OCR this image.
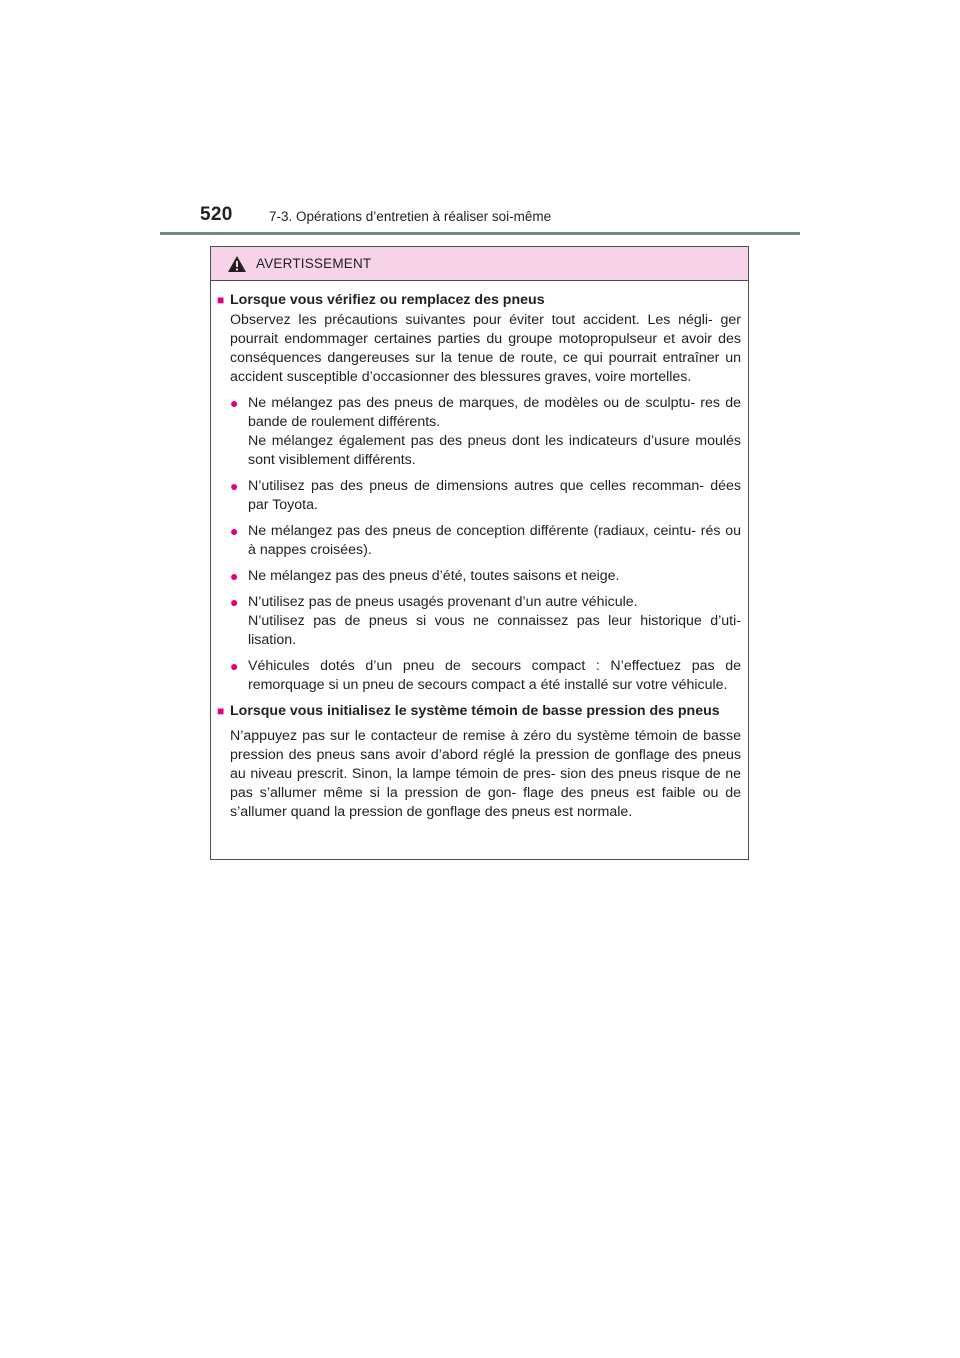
520	7-3. Opérations d’entretien à réaliser soi-même
AVERTISSEMENT
■ Lorsque vous vérifiez ou remplacez des pneus
Observez les précautions suivantes pour éviter tout accident. Les négli- ger pourrait endommager certaines parties du groupe motopropulseur et avoir des conséquences dangereuses sur la tenue de route, ce qui pourrait entraîner un accident susceptible d’occasionner des blessures graves, voire mortelles.
● Ne mélangez pas des pneus de marques, de modèles ou de sculptu- res de bande de roulement différents.

Ne mélangez également pas des pneus dont les indicateurs d’usure moulés sont visiblement différents.

● N’utilisez pas des pneus de dimensions autres que celles recomman- dées par Toyota.

● Ne mélangez pas des pneus de conception différente (radiaux, ceintu- rés ou à nappes croisées).

● Ne mélangez pas des pneus d’été, toutes saisons et neige.

● N’utilisez pas de pneus usagés provenant d’un autre véhicule.

N’utilisez pas de pneus si vous ne connaissez pas leur historique d’uti- lisation.

● Véhicules dotés d’un pneu de secours compact : N’effectuez pas de remorquage si un pneu de secours compact a été installé sur votre véhicule.

■ Lorsque vous initialisez le système témoin de basse pression des pneus
N’appuyez pas sur le contacteur de remise à zéro du système témoin de basse pression des pneus sans avoir d’abord réglé la pression de gonflage des pneus au niveau prescrit. Sinon, la lampe témoin de pres- sion des pneus risque de ne pas s’allumer même si la pression de gon- flage des pneus est faible ou de s’allumer quand la pression de gonflage des pneus est normale.
